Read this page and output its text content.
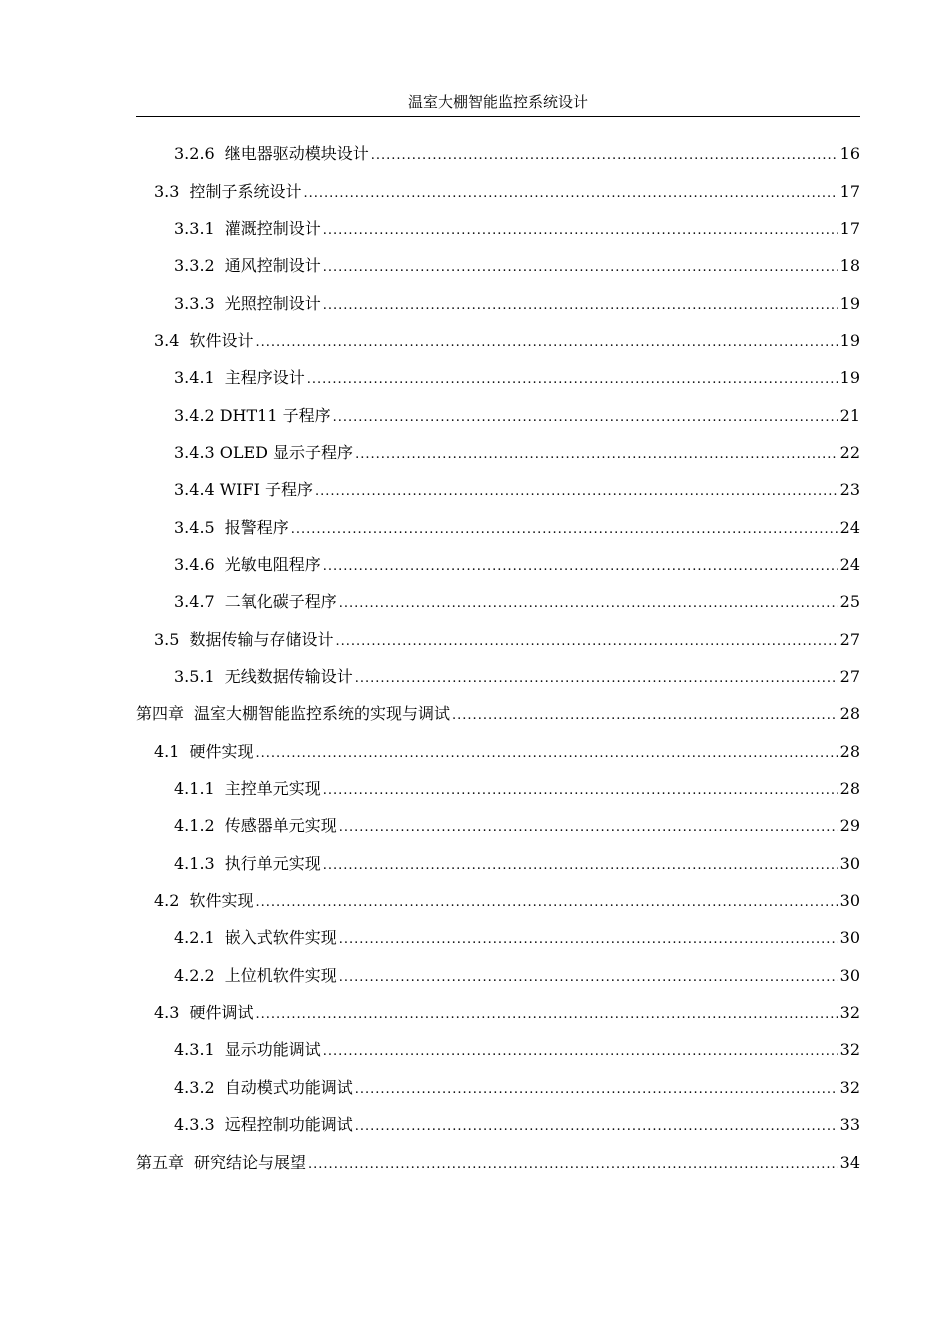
温室大棚智能监控系统设计
3.2.6 继电器驱动模块设计 .....	16
3.3 控制子系统设计 .....	17
3.3.1 灌溉控制设计 .....	17
3.3.2 通风控制设计 .....	18
3.3.3 光照控制设计 .....	19
3.4 软件设计 .....	19
3.4.1 主程序设计 .....	19
3.4.2 DHT11 子程序 .....	21
3.4.3 OLED 显示子程序 .....	22
3.4.4 WIFI 子程序 .....	23
3.4.5 报警程序 .....	24
3.4.6 光敏电阻程序 .....	24
3.4.7 二氧化碳子程序 .....	25
3.5 数据传输与存储设计 .....	27
3.5.1 无线数据传输设计 .....	27
第四章 温室大棚智能监控系统的实现与调试 .....	28
4.1 硬件实现 .....	28
4.1.1 主控单元实现 .....	28
4.1.2 传感器单元实现 .....	29
4.1.3 执行单元实现 .....	30
4.2 软件实现 .....	30
4.2.1 嵌入式软件实现 .....	30
4.2.2 上位机软件实现 .....	30
4.3 硬件调试 .....	32
4.3.1 显示功能调试 .....	32
4.3.2 自动模式功能调试 .....	32
4.3.3 远程控制功能调试 .....	33
第五章 研究结论与展望 .....	34
